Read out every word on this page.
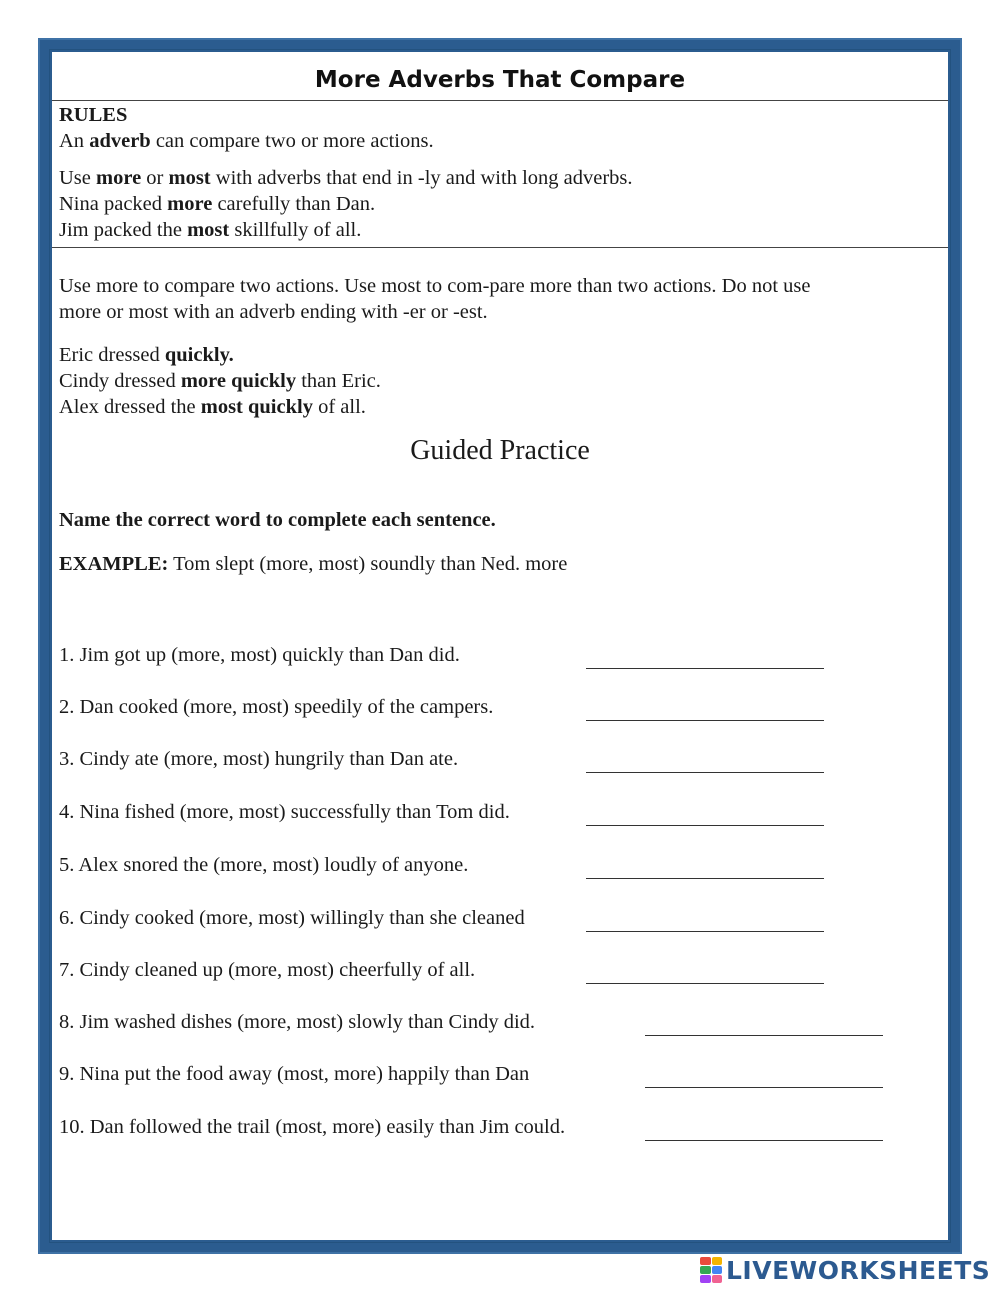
More Adverbs That Compare
RULES
An adverb can compare two or more actions.
Use more or most with adverbs that end in -ly and with long adverbs.
Nina packed more carefully than Dan.
Jim packed the most skillfully of all.
Use more to compare two actions. Use most to com-pare more than two actions. Do not use
more or most with an adverb ending with -er or -est.
Eric dressed quickly.
Cindy dressed more quickly than Eric.
Alex dressed the most quickly of all.
Guided Practice
Name the correct word to complete each sentence.
EXAMPLE: Tom slept (more, most) soundly than Ned. more
1. Jim got up (more, most) quickly than Dan did.
2. Dan cooked (more, most) speedily of the campers.
3. Cindy ate (more, most) hungrily than Dan ate.
4. Nina fished (more, most) successfully than Tom did.
5. Alex snored the (more, most) loudly of anyone.
6. Cindy cooked (more, most) willingly than she cleaned
7. Cindy cleaned up (more, most) cheerfully of all.
8. Jim washed dishes (more, most) slowly than Cindy did.
9. Nina put the food away (most, more) happily than Dan
10. Dan followed the trail (most, more) easily than Jim could.
LIVEWORKSHEETS
